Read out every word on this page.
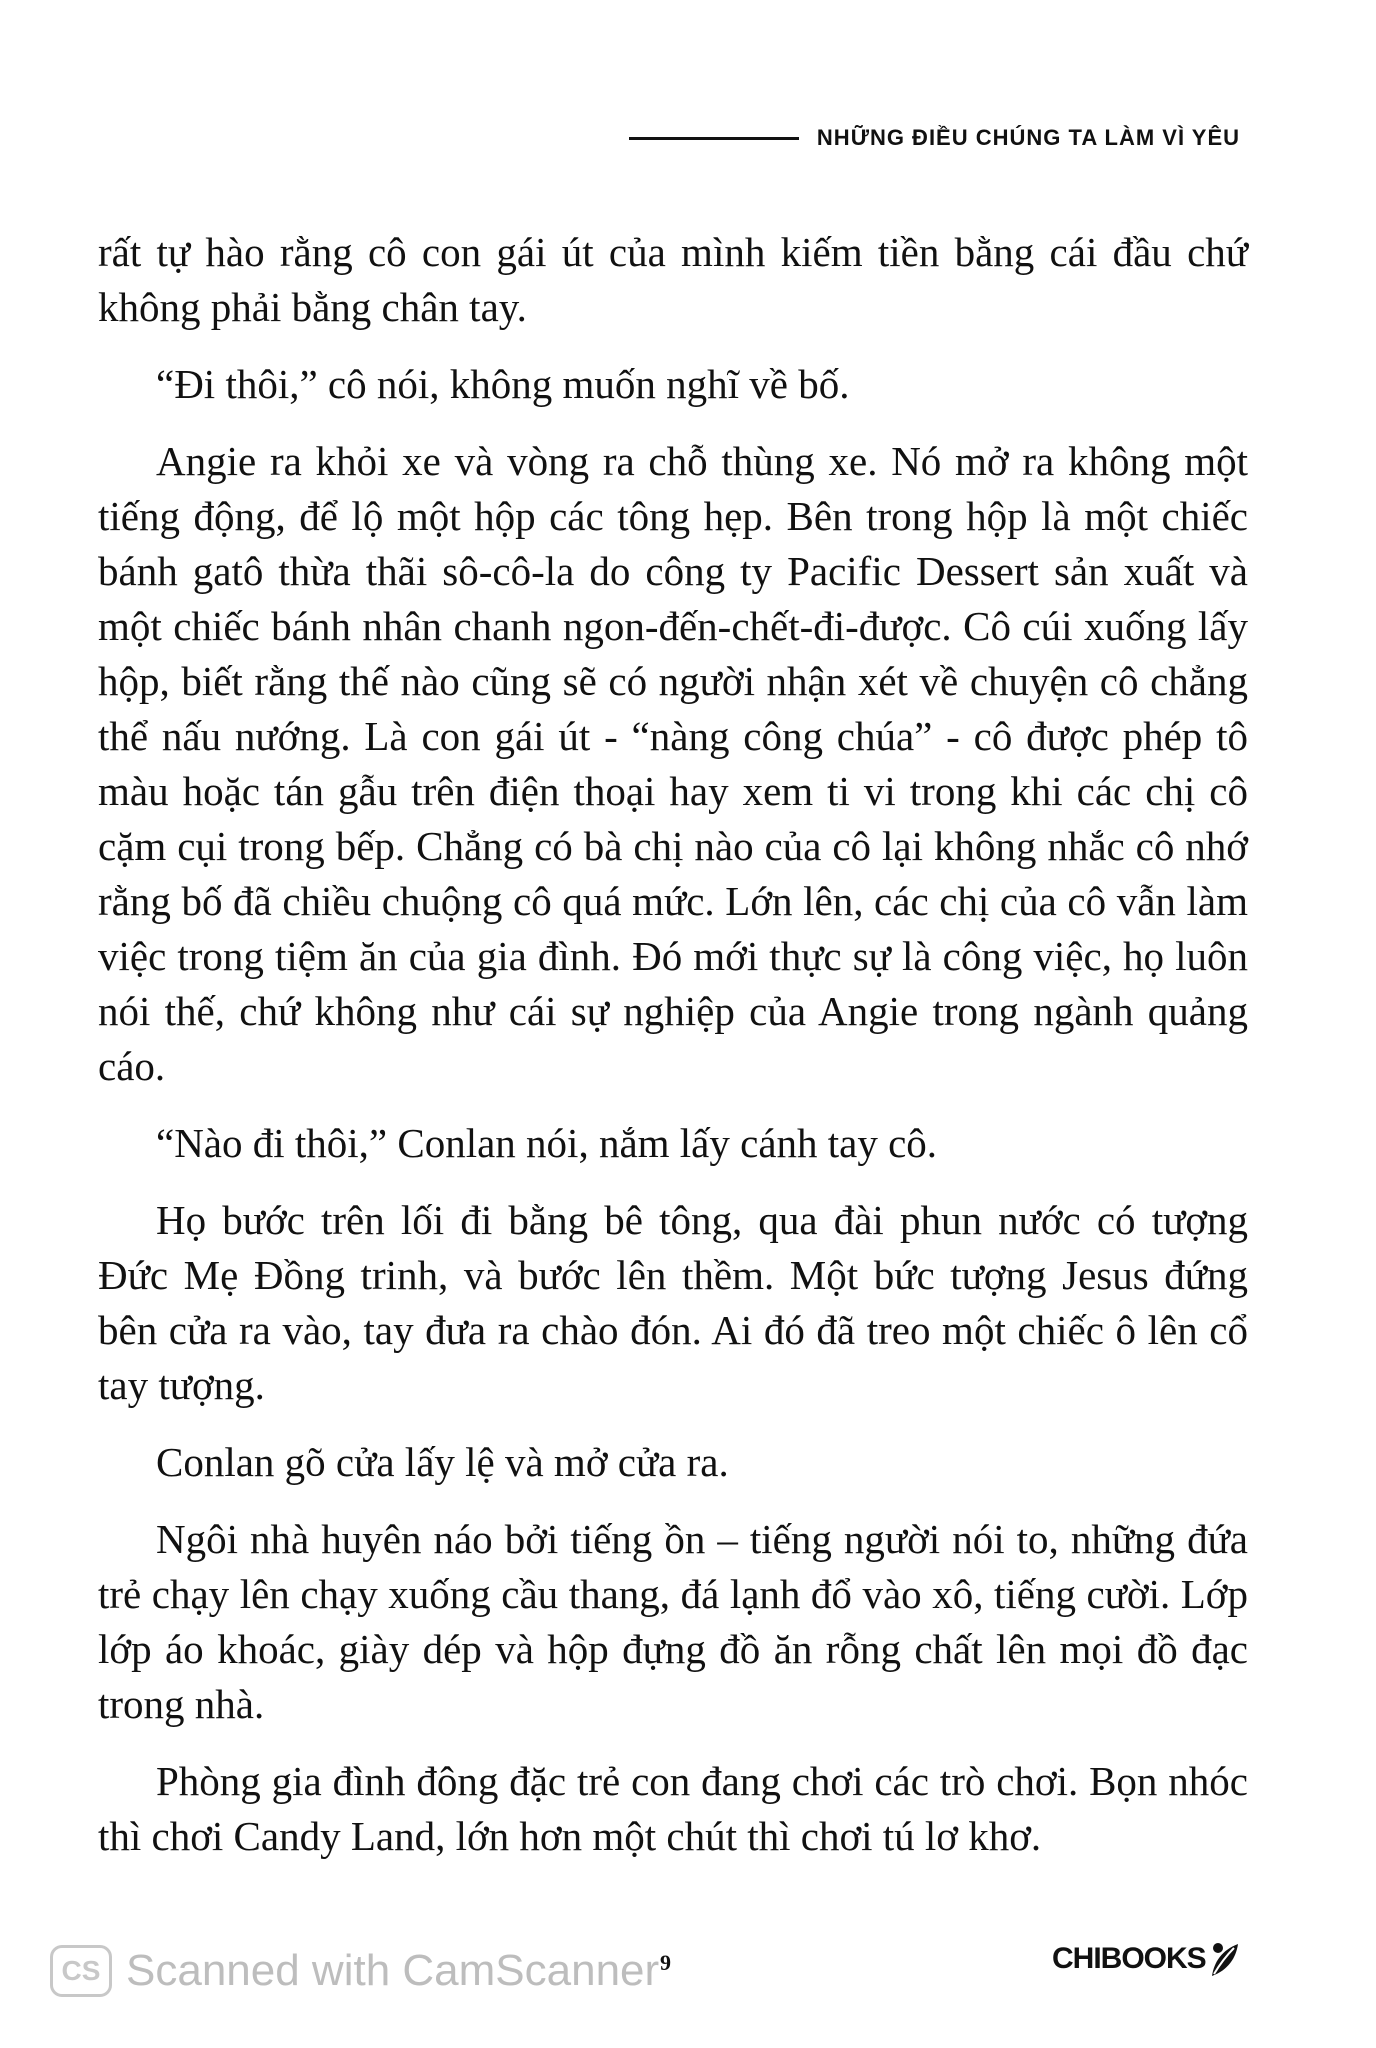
NHỮNG ĐIỀU CHÚNG TA LÀM VÌ YÊU

rất tự hào rằng cô con gái út của mình kiếm tiền bằng cái đầu chứ không phải bằng chân tay.

“Đi thôi,” cô nói, không muốn nghĩ về bố.

Angie ra khỏi xe và vòng ra chỗ thùng xe. Nó mở ra không một tiếng động, để lộ một hộp các tông hẹp. Bên trong hộp là một chiếc bánh gatô thừa thãi sô-cô-la do công ty Pacific Dessert sản xuất và một chiếc bánh nhân chanh ngon-đến-chết-đi-được. Cô cúi xuống lấy hộp, biết rằng thế nào cũng sẽ có người nhận xét về chuyện cô chẳng thể nấu nướng. Là con gái út - “nàng công chúa” - cô được phép tô màu hoặc tán gẫu trên điện thoại hay xem ti vi trong khi các chị cô cặm cụi trong bếp. Chẳng có bà chị nào của cô lại không nhắc cô nhớ rằng bố đã chiều chuộng cô quá mức. Lớn lên, các chị của cô vẫn làm việc trong tiệm ăn của gia đình. Đó mới thực sự là công việc, họ luôn nói thế, chứ không như cái sự nghiệp của Angie trong ngành quảng cáo.

“Nào đi thôi,” Conlan nói, nắm lấy cánh tay cô.

Họ bước trên lối đi bằng bê tông, qua đài phun nước có tượng Đức Mẹ Đồng trinh, và bước lên thềm. Một bức tượng Jesus đứng bên cửa ra vào, tay đưa ra chào đón. Ai đó đã treo một chiếc ô lên cổ tay tượng.

Conlan gõ cửa lấy lệ và mở cửa ra.

Ngôi nhà huyên náo bởi tiếng ồn – tiếng người nói to, những đứa trẻ chạy lên chạy xuống cầu thang, đá lạnh đổ vào xô, tiếng cười. Lớp lớp áo khoác, giày dép và hộp đựng đồ ăn rỗng chất lên mọi đồ đạc trong nhà.

Phòng gia đình đông đặc trẻ con đang chơi các trò chơi. Bọn nhóc thì chơi Candy Land, lớn hơn một chút thì chơi tú lơ khơ.

9	CHIBOOKS
CS Scanned with CamScanner
